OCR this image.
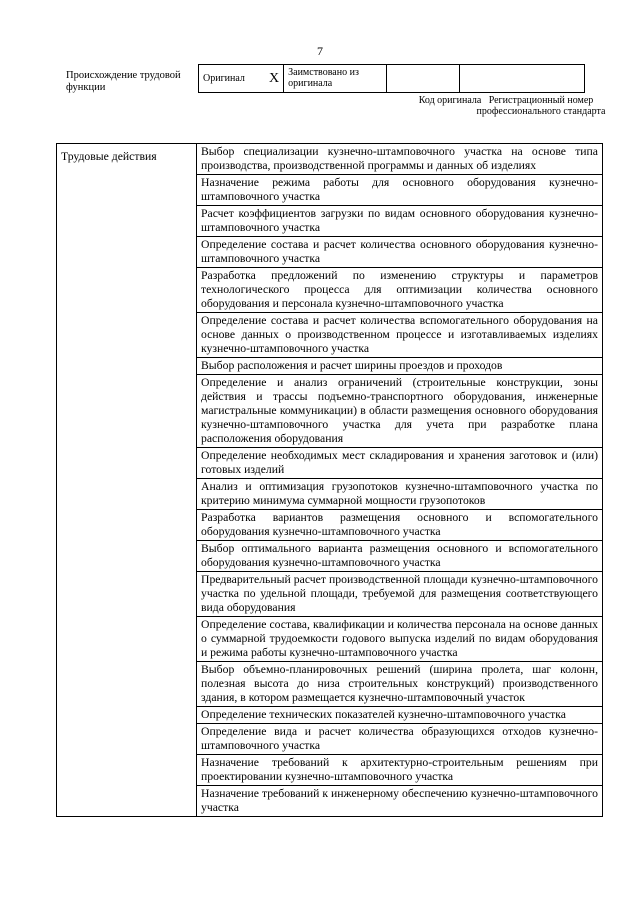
7
Происхождение трудовой функции
Оригинал	X	Заимствовано из оригинала		
Код оригинала Регистрационный номер профессионального стандарта
Трудовые действия	Выбор специализации кузнечно-штамповочного участка на основе типа производства, производственной программы и данных об изделиях
Назначение режима работы для основного оборудования кузнечно-штамповочного участка
Расчет коэффициентов загрузки по видам основного оборудования кузнечно-штамповочного участка
Определение состава и расчет количества основного оборудования кузнечно-штамповочного участка
Разработка предложений по изменению структуры и параметров технологического процесса для оптимизации количества основного оборудования и персонала кузнечно-штамповочного участка
Определение состава и расчет количества вспомогательного оборудования на основе данных о производственном процессе и изготавливаемых изделиях кузнечно-штамповочного участка
Выбор расположения и расчет ширины проездов и проходов
Определение и анализ ограничений (строительные конструкции, зоны действия и трассы подъемно-транспортного оборудования, инженерные магистральные коммуникации) в области размещения основного оборудования кузнечно-штамповочного участка для учета при разработке плана расположения оборудования
Определение необходимых мест складирования и хранения заготовок и (или) готовых изделий
Анализ и оптимизация грузопотоков кузнечно-штамповочного участка по критерию минимума суммарной мощности грузопотоков
Разработка вариантов размещения основного и вспомогательного оборудования кузнечно-штамповочного участка
Выбор оптимального варианта размещения основного и вспомогательного оборудования кузнечно-штамповочного участка
Предварительный расчет производственной площади кузнечно-штамповочного участка по удельной площади, требуемой для размещения соответствующего вида оборудования
Определение состава, квалификации и количества персонала на основе данных о суммарной трудоемкости годового выпуска изделий по видам оборудования и режима работы кузнечно-штамповочного участка
Выбор объемно-планировочных решений (ширина пролета, шаг колонн, полезная высота до низа строительных конструкций) производственного здания, в котором размещается кузнечно-штамповочный участок
Определение технических показателей кузнечно-штамповочного участка
Определение вида и расчет количества образующихся отходов кузнечно-штамповочного участка
Назначение требований к архитектурно-строительным решениям при проектировании кузнечно-штамповочного участка
Назначение требований к инженерному обеспечению кузнечно-штамповочного участка
